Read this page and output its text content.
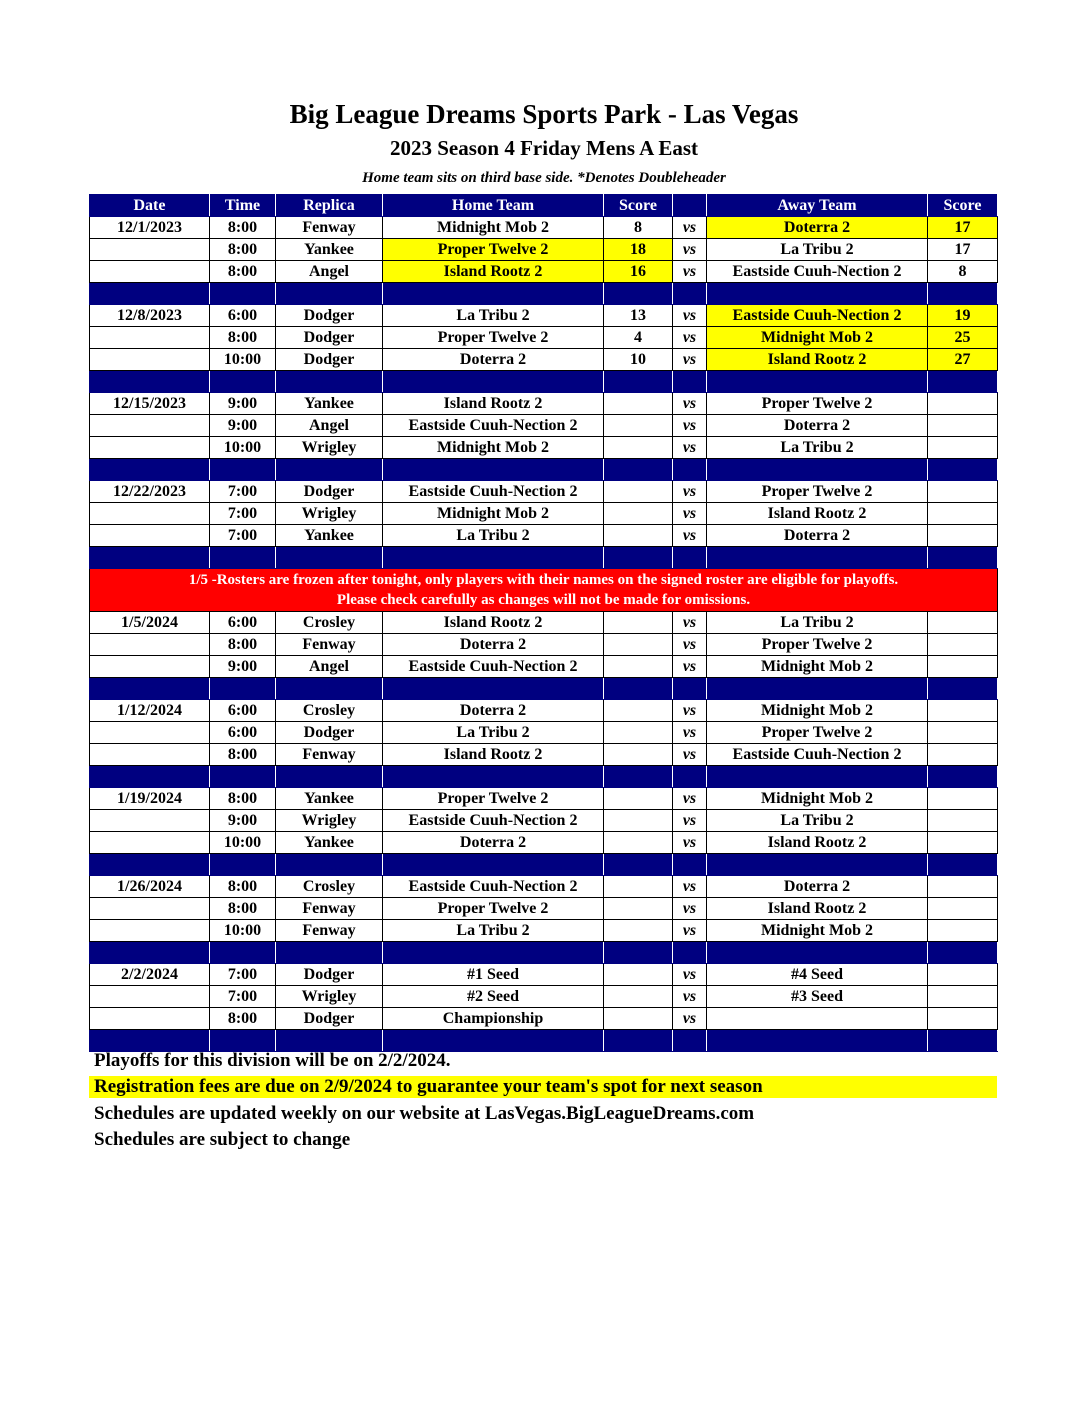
Big League Dreams Sports Park - Las Vegas
2023 Season 4 Friday Mens A East
Home team sits on third base side. *Denotes Doubleheader
Date	Time	Replica	Home Team	Score		Away Team	Score
12/1/2023	8:00	Fenway	Midnight Mob 2	8	vs	Doterra 2	17
	8:00	Yankee	Proper Twelve 2	18	vs	La Tribu 2	17
	8:00	Angel	Island Rootz 2	16	vs	Eastside Cuuh-Nection 2	8

12/8/2023	6:00	Dodger	La Tribu 2	13	vs	Eastside Cuuh-Nection 2	19
	8:00	Dodger	Proper Twelve 2	4	vs	Midnight Mob 2	25
	10:00	Dodger	Doterra 2	10	vs	Island Rootz 2	27

12/15/2023	9:00	Yankee	Island Rootz 2		vs	Proper Twelve 2	
	9:00	Angel	Eastside Cuuh-Nection 2		vs	Doterra 2	
	10:00	Wrigley	Midnight Mob 2		vs	La Tribu 2	

12/22/2023	7:00	Dodger	Eastside Cuuh-Nection 2		vs	Proper Twelve 2	
	7:00	Wrigley	Midnight Mob 2		vs	Island Rootz 2	
	7:00	Yankee	La Tribu 2		vs	Doterra 2	

1/5 -Rosters are frozen after tonight, only players with their names on the signed roster are eligible for playoffs.
Please check carefully as changes will not be made for omissions.							

1/5/2024	6:00	Crosley	Island Rootz 2		vs	La Tribu 2	
	8:00	Fenway	Doterra 2		vs	Proper Twelve 2	
	9:00	Angel	Eastside Cuuh-Nection 2		vs	Midnight Mob 2	

1/12/2024	6:00	Crosley	Doterra 2		vs	Midnight Mob 2	
	6:00	Dodger	La Tribu 2		vs	Proper Twelve 2	
	8:00	Fenway	Island Rootz 2		vs	Eastside Cuuh-Nection 2	

1/19/2024	8:00	Yankee	Proper Twelve 2		vs	Midnight Mob 2	
	9:00	Wrigley	Eastside Cuuh-Nection 2		vs	La Tribu 2	
	10:00	Yankee	Doterra 2		vs	Island Rootz 2	

1/26/2024	8:00	Crosley	Eastside Cuuh-Nection 2		vs	Doterra 2	
	8:00	Fenway	Proper Twelve 2		vs	Island Rootz 2	
	10:00	Fenway	La Tribu 2		vs	Midnight Mob 2	

2/2/2024	7:00	Dodger	#1 Seed		vs	#4 Seed	
	7:00	Wrigley	#2 Seed		vs	#3 Seed	
	8:00	Dodger	Championship		vs		

Playoffs for this division will be on 2/2/2024.
Registration fees are due on 2/9/2024 to guarantee your team's spot for next season
Schedules are updated weekly on our website at LasVegas.BigLeagueDreams.com
Schedules are subject to change
